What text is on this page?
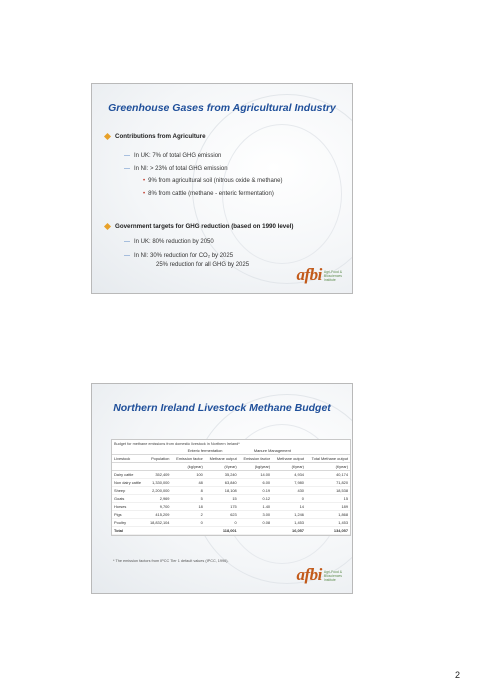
Greenhouse Gases from Agricultural Industry
Contributions from Agriculture
— In UK: 7% of total GHG emission
— In NI: > 23% of total GHG emission
• 9% from agricultural soil (nitrous oxide & methane)
• 8% from cattle (methane - enteric fermentation)
Government targets for GHG reduction (based on 1990 level)
— In UK: 80% reduction by 2050
— In NI: 30% reduction for CO₂ by 2025
25% reduction for all GHG by 2025	afbi Agri-Food &
Biosciences
Institute
Northern Ireland Livestock Methane Budget
Budget for methane emissions from domestic livestock in Northern Ireland*
		Enteric fermentation		Manure Management		
Livestock	Population	Emission factor	Methane output	Emission factor	Methane output	Total Methane output
		(kg/year)	(t/year)	(kg/year)	(t/year)	(t/year)
Dairy cattle	352,409	100	35,240	14.00	4,934	40,174
Non dairy cattle	1,330,000	48	63,840	6.00	7,980	71,820
Sheep	2,200,000	8	18,108	0.19	430	18,538
Goats	2,969	5	15	0.12	0	15
Horses	9,700	18	175	1.40	14	189
Pigs	415,209	2	623	3.00	1,246	1,868
Poultry	18,832,104	0	0	0.08	1,453	1,453
Total			118,001		16,057	134,057
* The emission factors from IPCC Tier 1 default values (IPCC, 1996).
afbi Agri-Food &
Biosciences
Institute
2
